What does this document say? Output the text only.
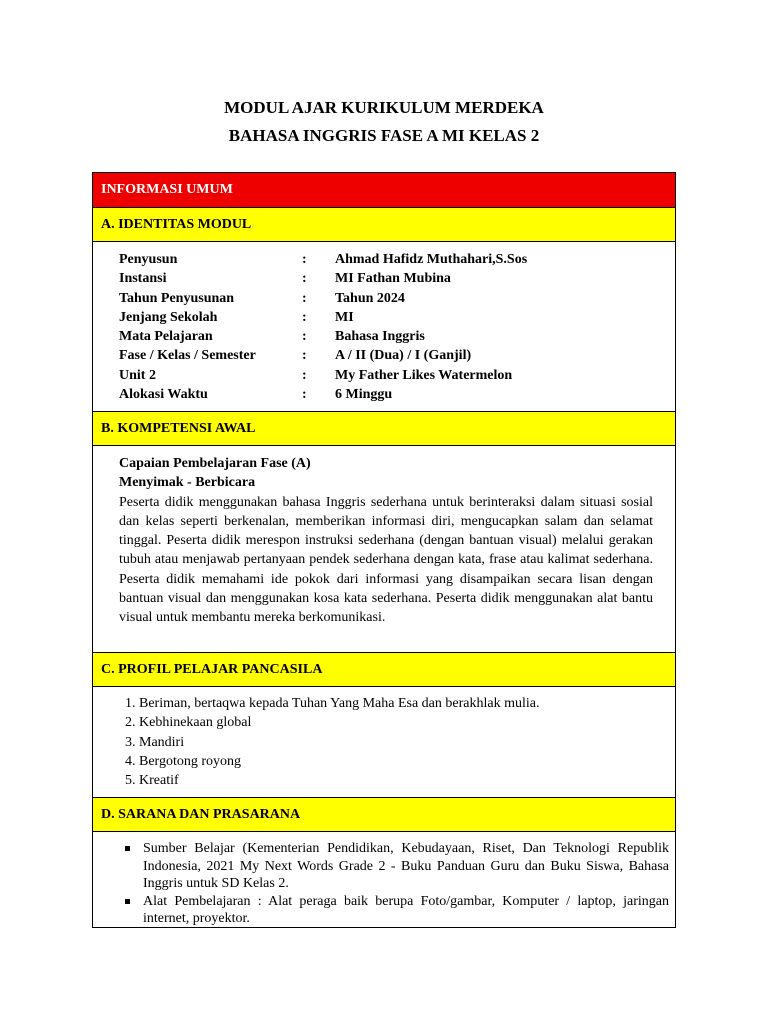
MODUL AJAR KURIKULUM MERDEKA
BAHASA INGGRIS FASE A MI KELAS 2
INFORMASI UMUM
A. IDENTITAS MODUL
Penyusun	:	Ahmad Hafidz Muthahari,S.Sos
Instansi	:	MI Fathan Mubina
Tahun Penyusunan	:	Tahun 2024
Jenjang Sekolah	:	MI
Mata Pelajaran	:	Bahasa Inggris
Fase / Kelas / Semester	:	A / II (Dua) / I (Ganjil)
Unit 2	:	My Father Likes Watermelon
Alokasi Waktu	:	6 Minggu
B. KOMPETENSI AWAL
Capaian Pembelajaran Fase (A)
Menyimak - Berbicara
Peserta didik menggunakan bahasa Inggris sederhana untuk berinteraksi dalam situasi sosial dan kelas seperti berkenalan, memberikan informasi diri, mengucapkan salam dan selamat tinggal. Peserta didik merespon instruksi sederhana (dengan bantuan visual) melalui gerakan tubuh atau menjawab pertanyaan pendek sederhana dengan kata, frase atau kalimat sederhana. Peserta didik memahami ide pokok dari informasi yang disampaikan secara lisan dengan bantuan visual dan menggunakan kosa kata sederhana. Peserta didik menggunakan alat bantu visual untuk membantu mereka berkomunikasi.
C. PROFIL PELAJAR PANCASILA
1. Beriman, bertaqwa kepada Tuhan Yang Maha Esa dan berakhlak mulia.
2. Kebhinekaan global
3. Mandiri
4. Bergotong royong
5. Kreatif
D. SARANA DAN PRASARANA
Sumber Belajar (Kementerian Pendidikan, Kebudayaan, Riset, Dan Teknologi Republik Indonesia, 2021 My Next Words Grade 2 - Buku Panduan Guru dan Buku Siswa, Bahasa Inggris untuk SD Kelas 2.
Alat Pembelajaran : Alat peraga baik berupa Foto/gambar, Komputer / laptop, jaringan internet, proyektor.
